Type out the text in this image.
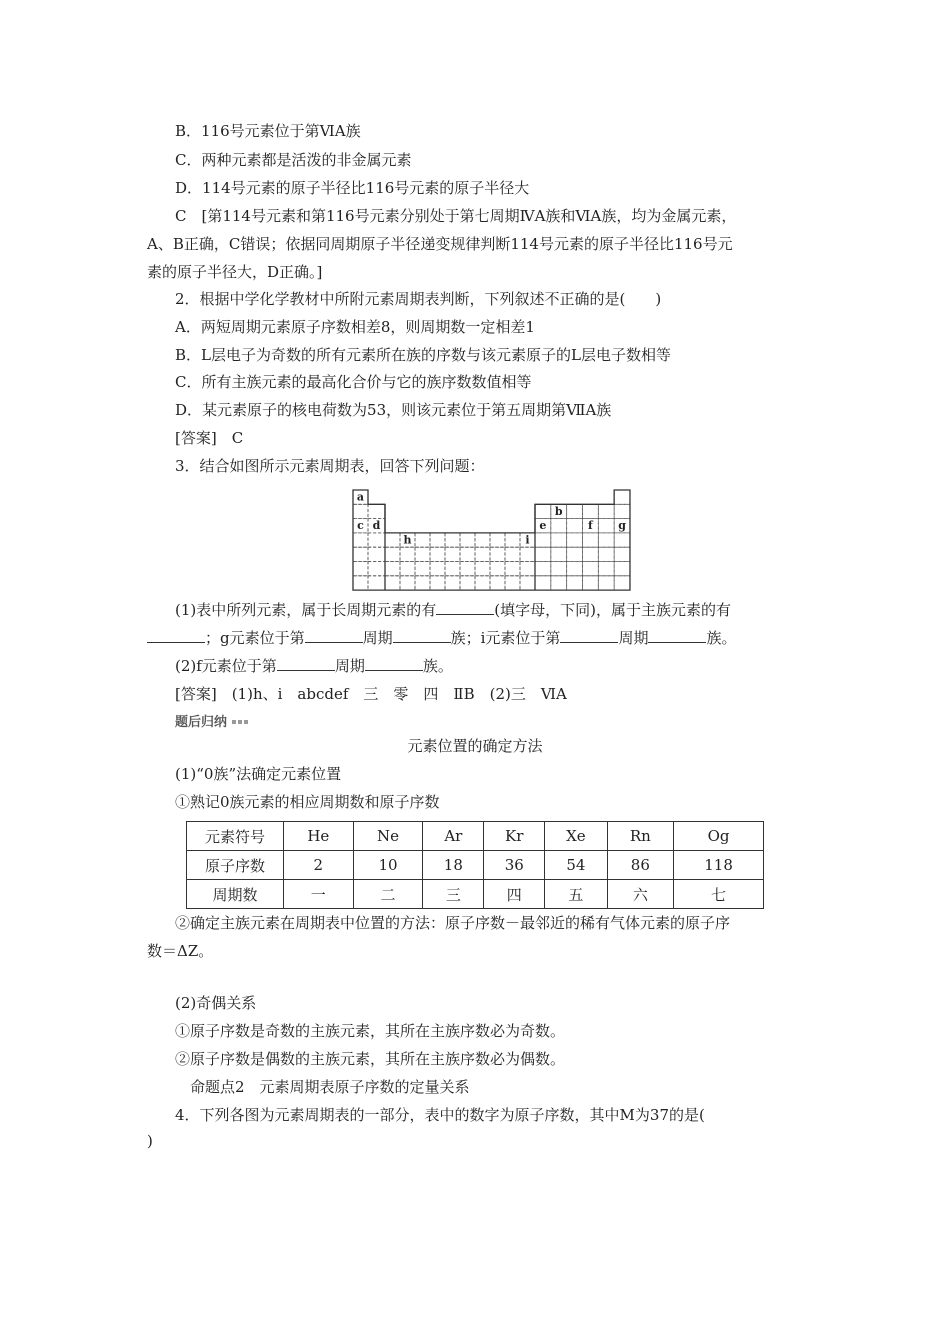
B．116号元素位于第ⅥA族
C．两种元素都是活泼的非金属元素
D．114号元素的原子半径比116号元素的原子半径大
C　[第114号元素和第116号元素分别处于第七周期ⅣA族和ⅥA族，均为金属元素，
A、B正确，C错误；依据同周期原子半径递变规律判断114号元素的原子半径比116号元
素的原子半径大，D正确。]
2．根据中学化学教材中所附元素周期表判断，下列叙述不正确的是(　　)
A．两短周期元素原子序数相差8，则周期数一定相差1
B．L层电子为奇数的所有元素所在族的序数与该元素原子的L层电子数相等
C．所有主族元素的最高化合价与它的族序数数值相等
D．某元素原子的核电荷数为53，则该元素位于第五周期第ⅦA族
[答案]　C
3．结合如图所示元素周期表，回答下列问题：
a
b
c d	e	f g
h	i
(1)表中所列元素，属于长周期元素的有	(填字母，下同)，属于主族元素的有
；g元素位于第	周期	族；i元素位于第	周期	族。
(2)f元素位于第	周期	族。
[答案]　(1)h、i　abcdef　三　零　四　ⅡB　(2)三　ⅥA
题后归纳
元素位置的确定方法
(1)“0族”法确定元素位置
①熟记0族元素的相应周期数和原子序数
元素符号	He	Ne	Ar	Kr	Xe	Rn	Og
原子序数	2	10	18	36	54	86	118
周期数	一	二	三	四	五	六	七
②确定主族元素在周期表中位置的方法：原子序数－最邻近的稀有气体元素的原子序
数＝ΔZ。
(2)奇偶关系
①原子序数是奇数的主族元素，其所在主族序数必为奇数。
②原子序数是偶数的主族元素，其所在主族序数必为偶数。
命题点2　元素周期表原子序数的定量关系
4．下列各图为元素周期表的一部分，表中的数字为原子序数，其中M为37的是(
)
